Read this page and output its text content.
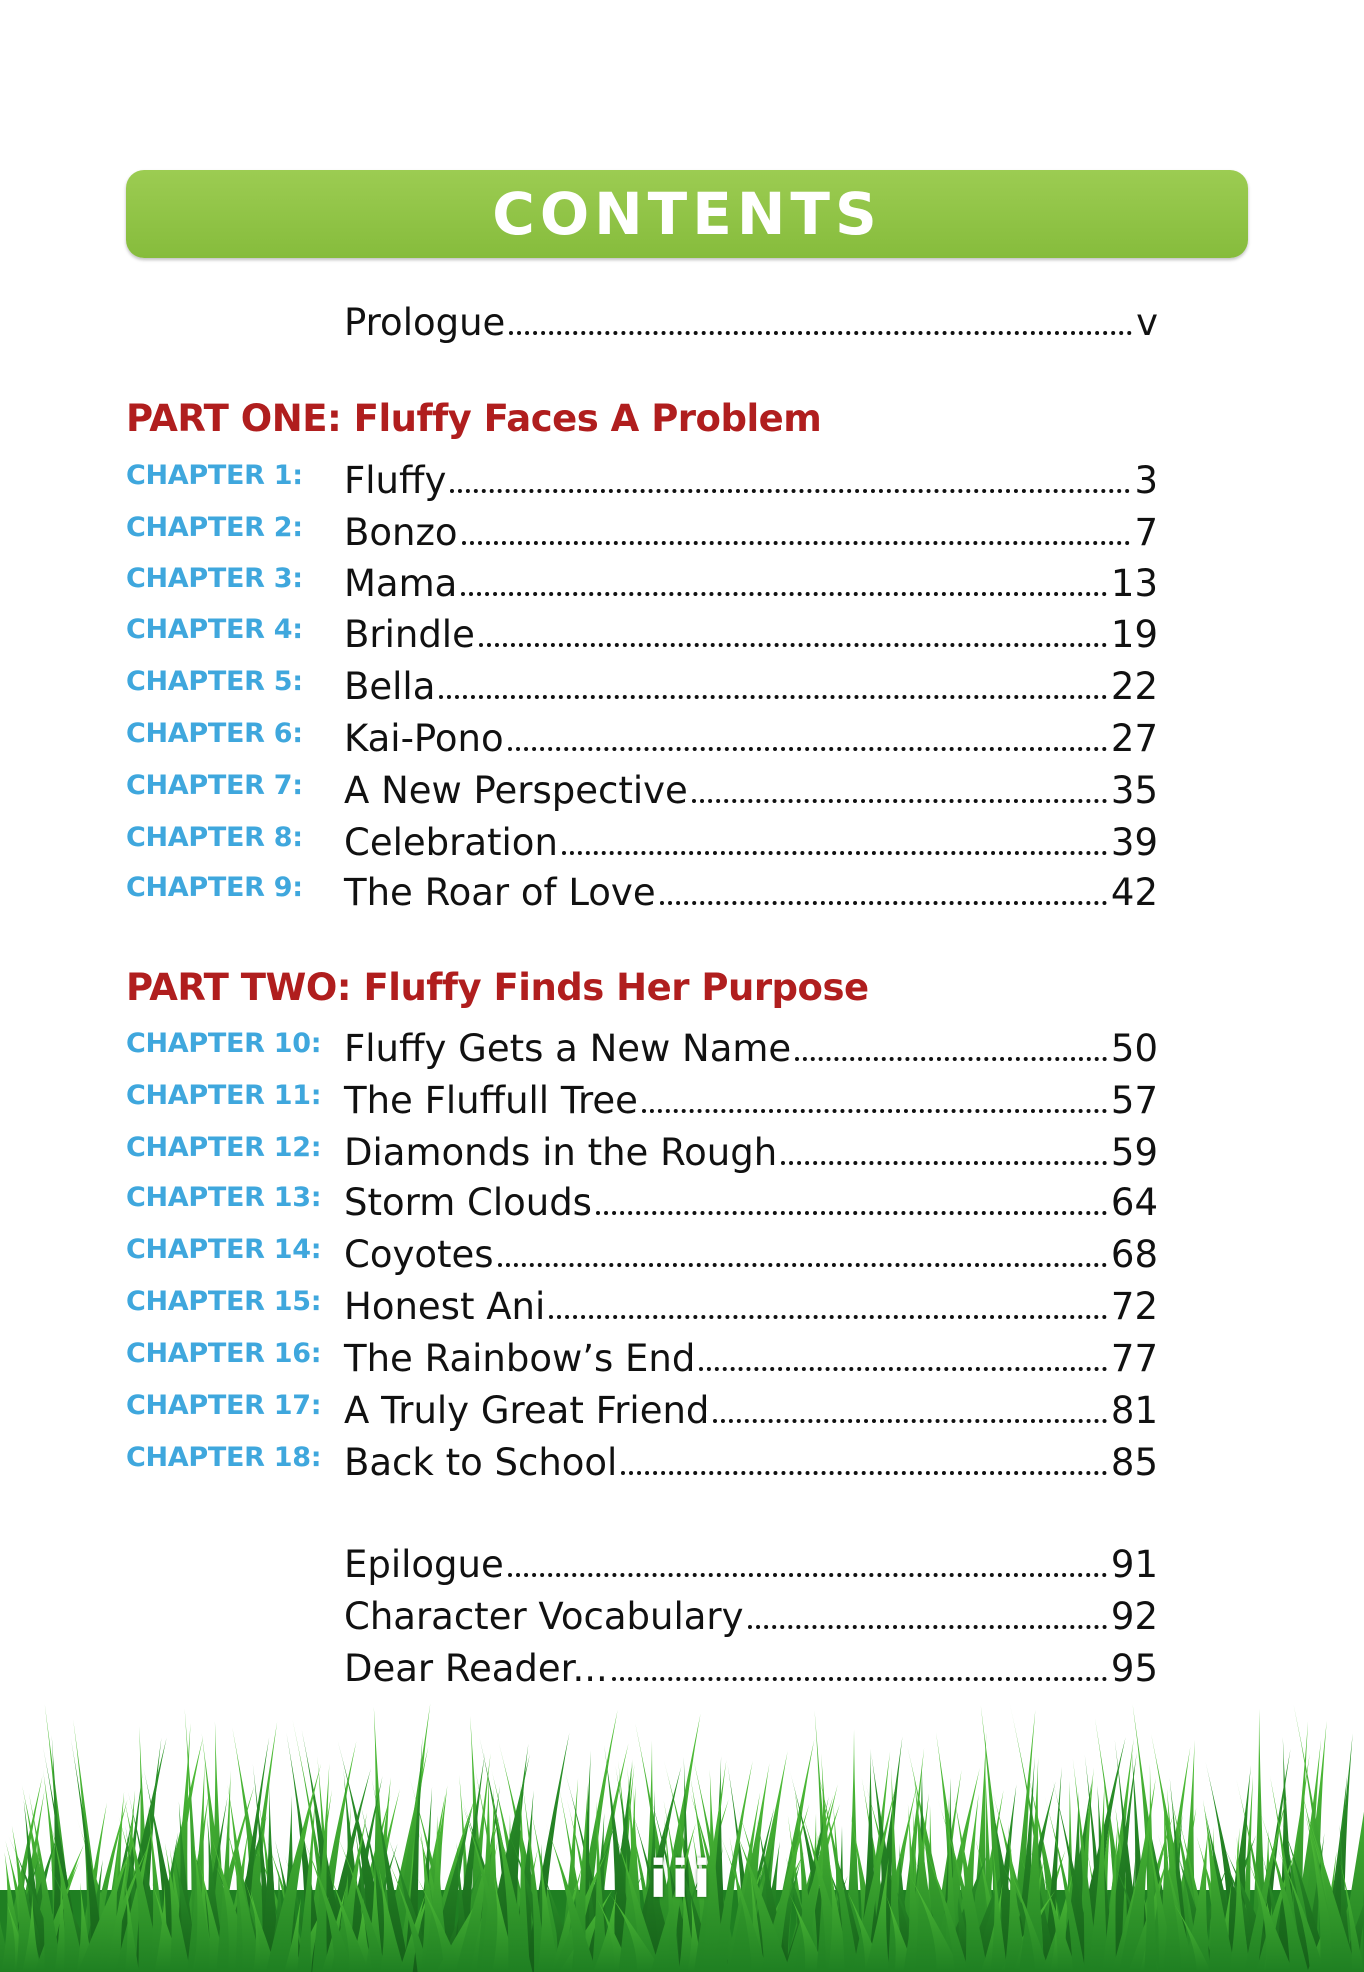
CONTENTS
Prologue	v
PART ONE: Fluffy Faces A Problem
CHAPTER 1: Fluffy	3
CHAPTER 2: Bonzo	7
CHAPTER 3: Mama	13
CHAPTER 4: Brindle	19
CHAPTER 5: Bella	22
CHAPTER 6: Kai-Pono	27
CHAPTER 7: A New Perspective	35
CHAPTER 8: Celebration	39
CHAPTER 9: The Roar of Love	42
PART TWO: Fluffy Finds Her Purpose
CHAPTER 10: Fluffy Gets a New Name	50
CHAPTER 11: The Fluffull Tree	57
CHAPTER 12: Diamonds in the Rough	59
CHAPTER 13: Storm Clouds	64
CHAPTER 14: Coyotes	68
CHAPTER 15: Honest Ani	72
CHAPTER 16: The Rainbow’s End	77
CHAPTER 17: A Truly Great Friend	81
CHAPTER 18: Back to School	85
Epilogue	91
Character Vocabulary	92
Dear Reader...	95
iii
